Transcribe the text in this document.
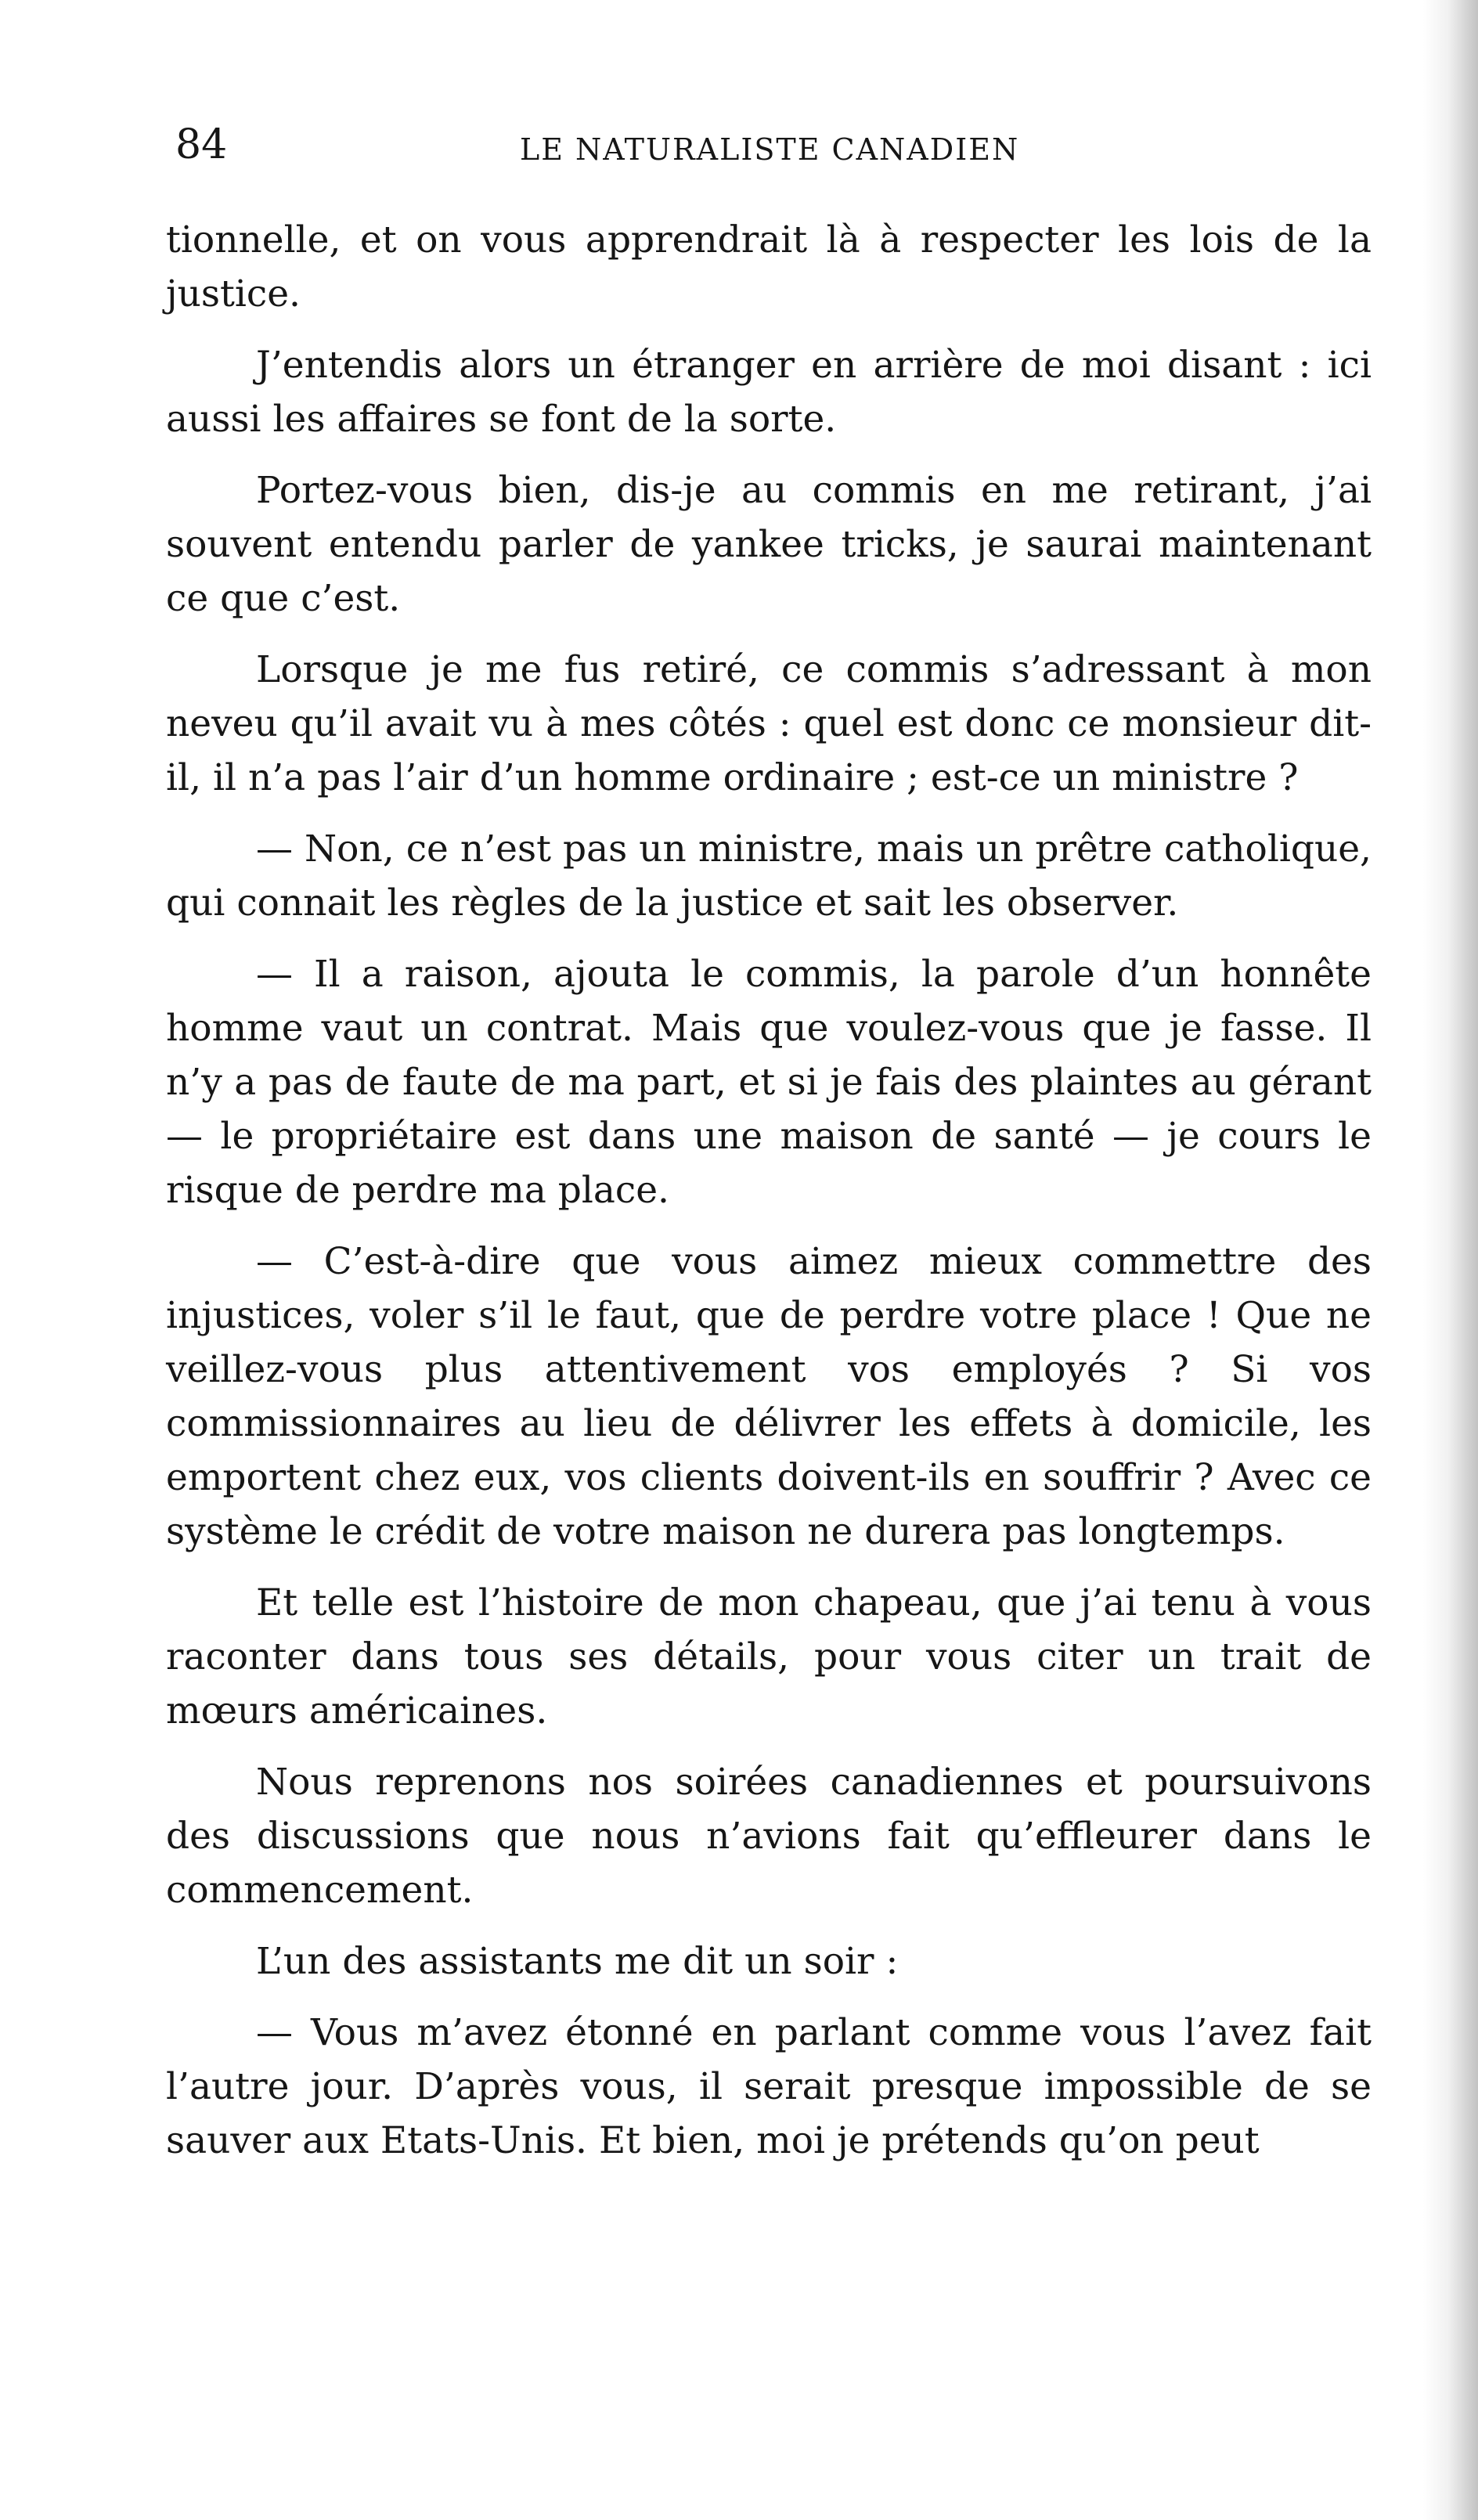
84	LE NATURALISTE CANADIEN

tionnelle, et on vous apprendrait là à respecter les lois de la justice.

J’entendis alors un étranger en arrière de moi disant : ici aussi les affaires se font de la sorte.

Portez-vous bien, dis-je au commis en me retirant, j’ai souvent entendu parler de yankee tricks, je saurai maintenant ce que c’est.

Lorsque je me fus retiré, ce commis s’adressant à mon neveu qu’il avait vu à mes côtés : quel est donc ce monsieur dit-il, il n’a pas l’air d’un homme ordinaire ; est-ce un ministre ?

— Non, ce n’est pas un ministre, mais un prêtre catholique, qui connait les règles de la justice et sait les observer.

— Il a raison, ajouta le commis, la parole d’un honnête homme vaut un contrat. Mais que voulez-vous que je fasse. Il n’y a pas de faute de ma part, et si je fais des plaintes au gérant — le propriétaire est dans une maison de santé — je cours le risque de perdre ma place.

— C’est-à-dire que vous aimez mieux commettre des injustices, voler s’il le faut, que de perdre votre place ! Que ne veillez-vous plus attentivement vos employés ? Si vos commissionnaires au lieu de délivrer les effets à domicile, les emportent chez eux, vos clients doivent-ils en souffrir ? Avec ce système le crédit de votre maison ne durera pas longtemps.

Et telle est l’histoire de mon chapeau, que j’ai tenu à vous raconter dans tous ses détails, pour vous citer un trait de mœurs américaines.

Nous reprenons nos soirées canadiennes et poursuivons des discussions que nous n’avions fait qu’effleurer dans le commencement.

L’un des assistants me dit un soir :

— Vous m’avez étonné en parlant comme vous l’avez fait l’autre jour. D’après vous, il serait presque impossible de se sauver aux Etats-Unis. Et bien, moi je prétends qu’on peut
